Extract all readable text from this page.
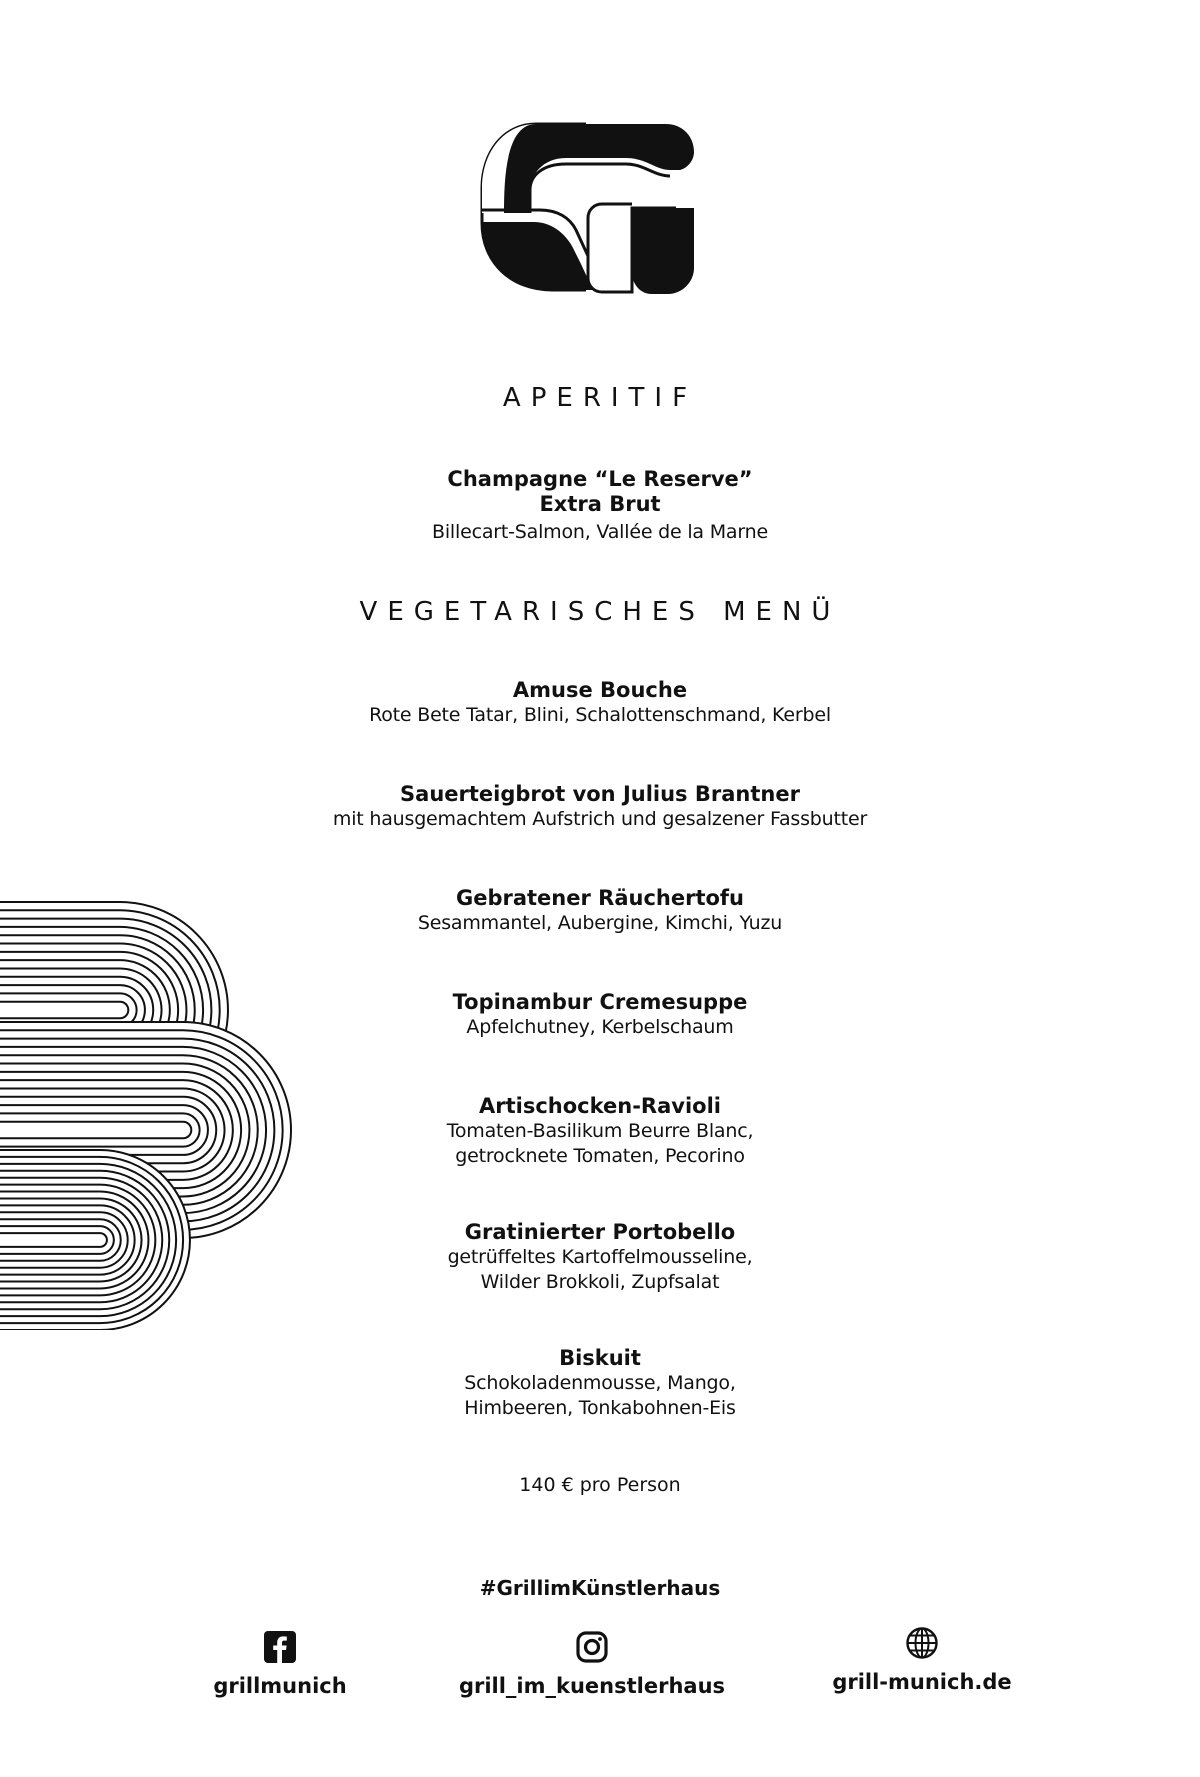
APERITIF
Champagne “Le Reserve”
Extra Brut
Billecart-Salmon, Vallée de la Marne
VEGETARISCHES MENÜ
Amuse Bouche
Rote Bete Tatar, Blini, Schalottenschmand, Kerbel
Sauerteigbrot von Julius Brantner
mit hausgemachtem Aufstrich und gesalzener Fassbutter
Gebratener Räuchertofu
Sesammantel, Aubergine, Kimchi, Yuzu
Topinambur Cremesuppe
Apfelchutney, Kerbelschaum
Artischocken-Ravioli
Tomaten-Basilikum Beurre Blanc,
getrocknete Tomaten, Pecorino
Gratinierter Portobello
getrüffeltes Kartoffelmousseline,
Wilder Brokkoli, Zupfsalat
Biskuit
Schokoladenmousse, Mango,
Himbeeren, Tonkabohnen-Eis
140 € pro Person
#GrillimKünstlerhaus
grillmunich	grill_im_kuenstlerhaus	grill-munich.de
